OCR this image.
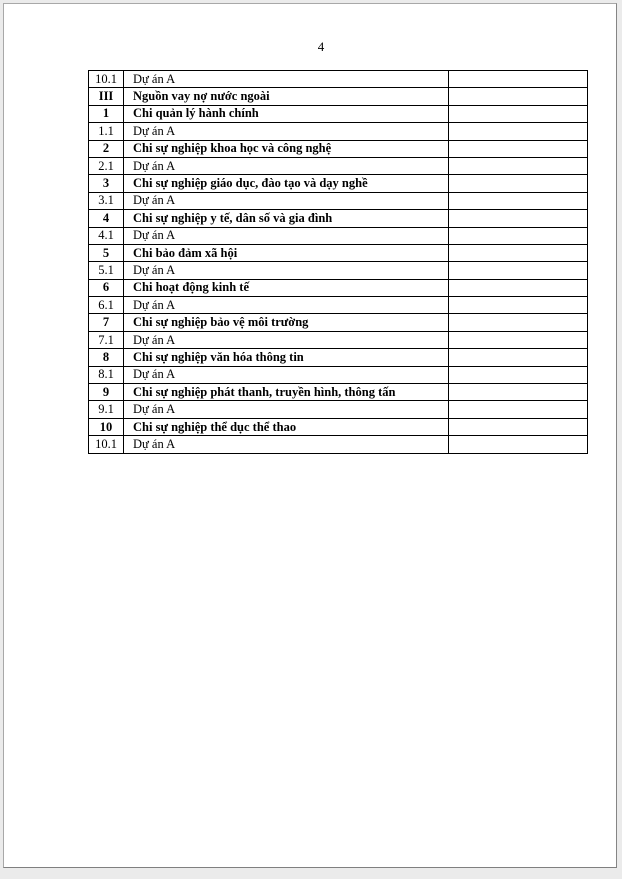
4
10.1	Dự án A	
III	Nguồn vay nợ nước ngoài	
1	Chi quản lý hành chính	
1.1	Dự án A	
2	Chi sự nghiệp khoa học và công nghệ	
2.1	Dự án A	
3	Chi sự nghiệp giáo dục, đào tạo và dạy nghề	
3.1	Dự án A	
4	Chi sự nghiệp y tế, dân số và gia đình	
4.1	Dự án A	
5	Chi bảo đảm xã hội	
5.1	Dự án A	
6	Chi hoạt động kinh tế	
6.1	Dự án A	
7	Chi sự nghiệp bảo vệ môi trường	
7.1	Dự án A	
8	Chi sự nghiệp văn hóa thông tin	
8.1	Dự án A	
9	Chi sự nghiệp phát thanh, truyền hình, thông tấn	
9.1	Dự án A	
10	Chi sự nghiệp thể dục thể thao	
10.1	Dự án A	
